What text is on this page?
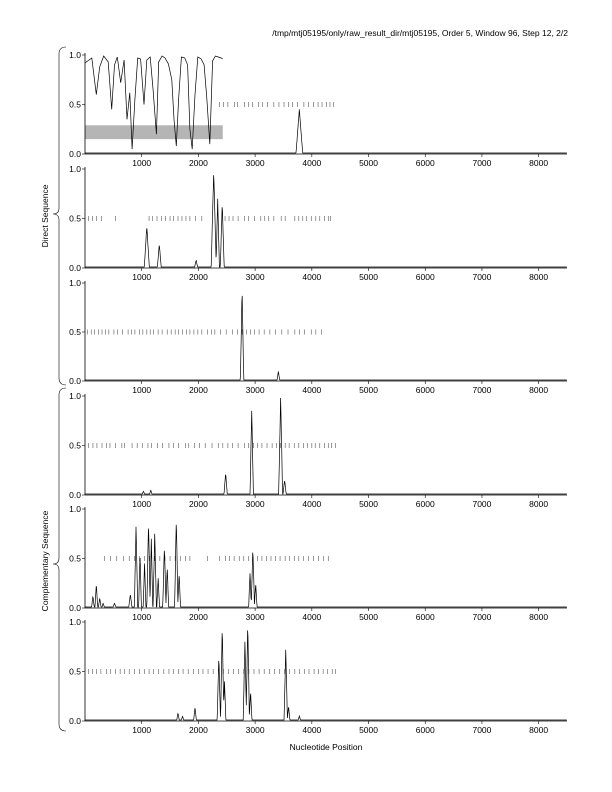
/tmp/mtj05195/only/raw_result_dir/mtj05195, Order 5, Window 96, Step 12, 2/2
0.0
0.5
1.0
1000	2000	3000	4000	5000	6000	7000	8000
0.0
0.5
1.0
1000	2000	3000	4000	5000	6000	7000	8000
0.0
0.5
1.0
1000	2000	3000	4000	5000	6000	7000	8000
0.0
0.5
1.0
1000	2000	3000	4000	5000	6000	7000	8000
0.0
0.5
1.0
1000	2000	3000	4000	5000	6000	7000	8000
0.0
0.5
1.0
1000	2000	3000	4000	5000	6000	7000	8000
Direct Sequence
Complementary Sequence
Nucleotide Position
